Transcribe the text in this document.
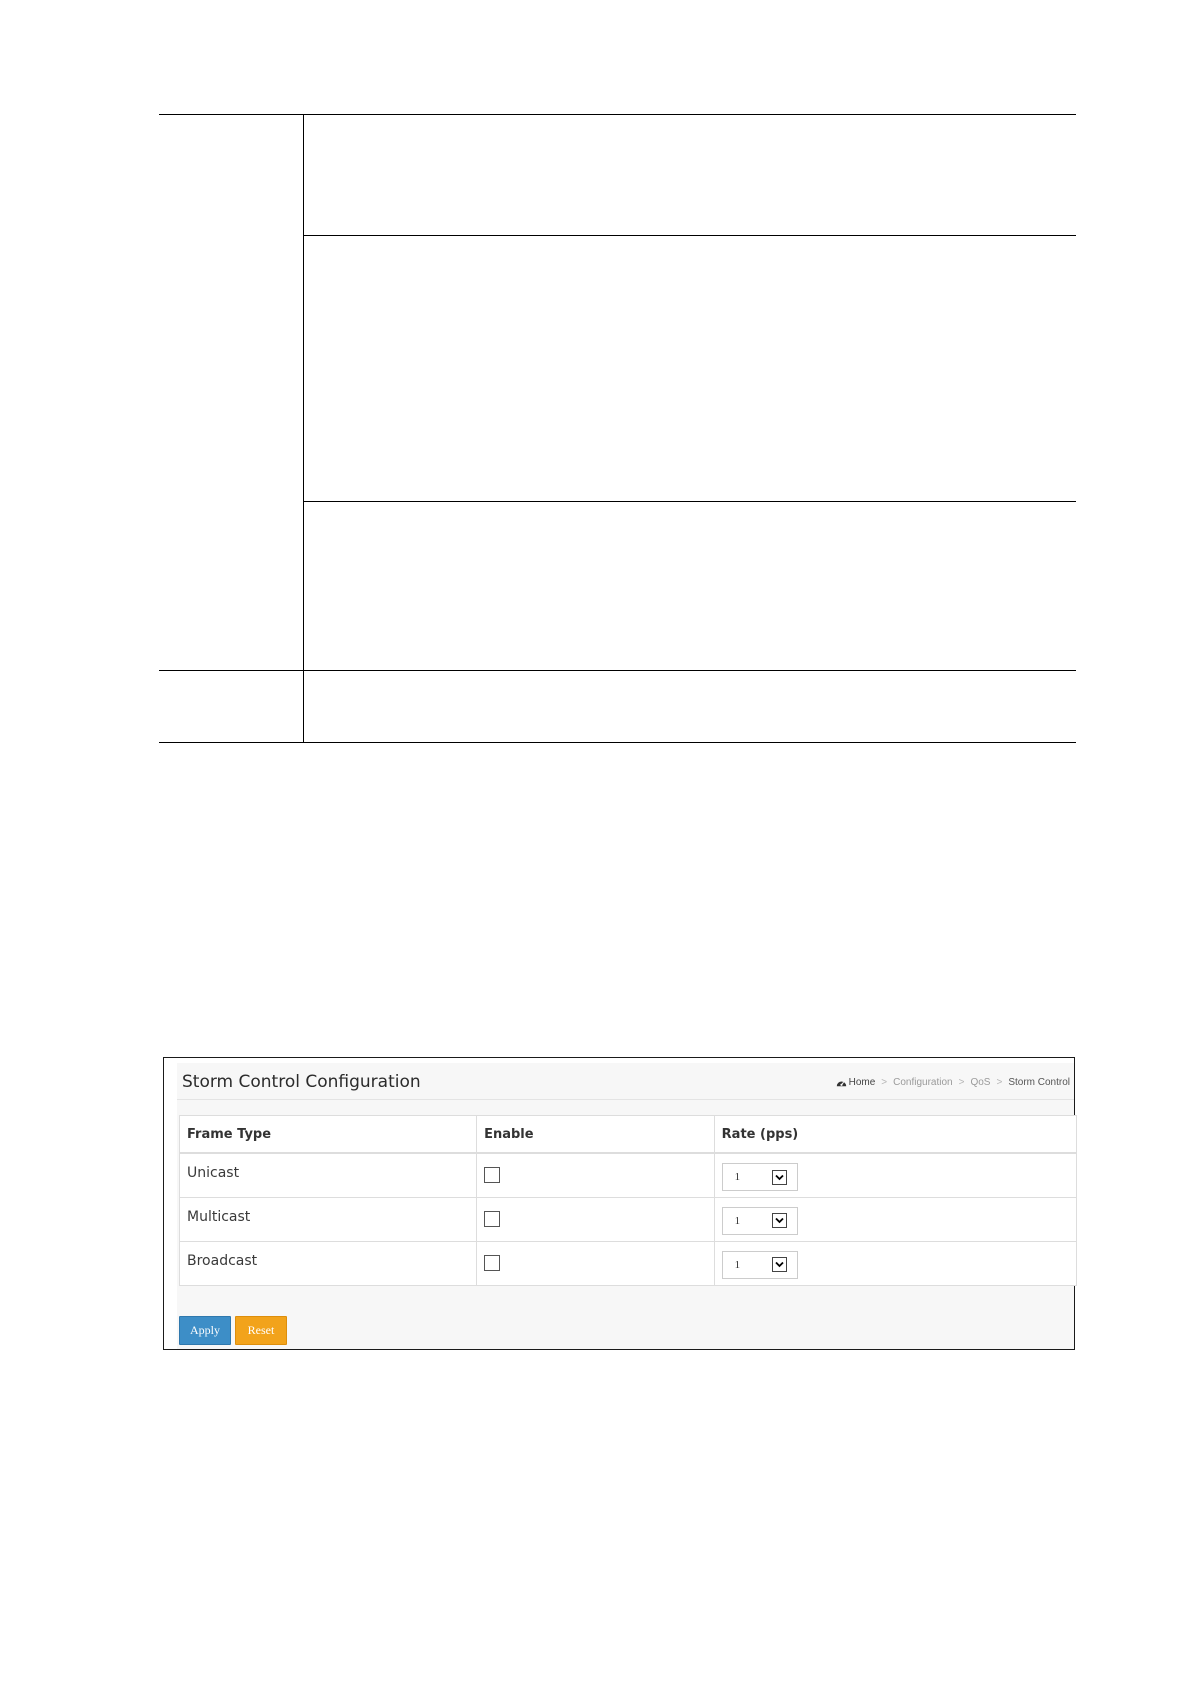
Storm Control Configuration	Home > Configuration > QoS > Storm Control
Frame Type	Enable	Rate (pps)
Unicast		1

Multicast		1

Broadcast		1
Apply	Reset
